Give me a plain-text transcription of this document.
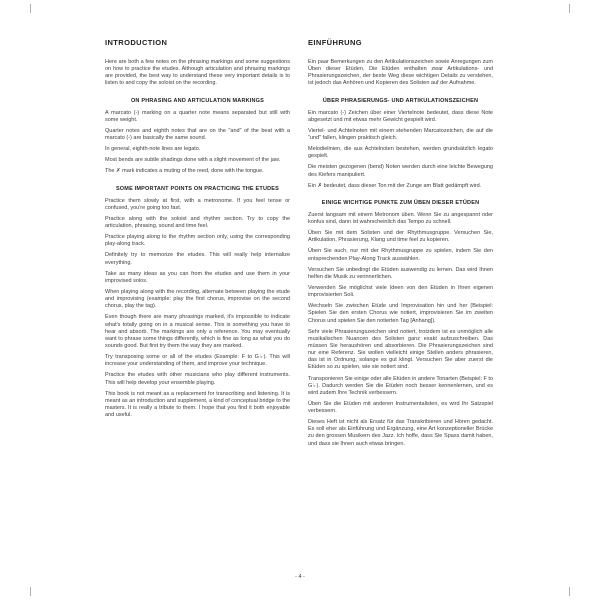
INTRODUCTION

Here are both a few notes on the phrasing markings and some suggestions on how to practice the etudes. Although articulation and phrasing markings are provided, the best way to understand these very important details is to listen to and copy the soloist on the recording.

ON PHRASING AND ARTICULATION MARKINGS

A marcato (-) marking on a quarter note means separated but still with some weight.

Quarter notes and eighth notes that are on the "and" of the beat with a marcato (-) are basically the same sound.

In general, eighth-note lines are legato.

Most bends are subtle shadings done with a slight movement of the jaw.

The ✗ mark indicates a muting of the reed, done with the tongue.

SOME IMPORTANT POINTS ON PRACTICING THE ETUDES

Practice them slowly at first, with a metronome. If you feel tense or confused, you're going too fast.

Practice along with the soloist and rhythm section. Try to copy the articulation, phrasing, sound and time feel.

Practice playing along to the rhythm section only, using the corresponding play-along track.

Definitely try to memorize the etudes. This will really help internalize everything.

Take as many ideas as you can from the etudes and use them in your improvised solos.

When playing along with the recording, alternate between playing the etude and improvising (example: play the first chorus, improvise on the second chorus, play the tag).

Even though there are many phrasings marked, it's impossible to indicate what's totally going on in a musical sense. This is something you have to hear and absorb. The markings are only a reference. You may eventually want to phrase some things differently, which is fine as long as what you do sounds good. But first try them the way they are marked.

Try transposing some or all of the etudes (Example: F to G♭). This will increase your understanding of them, and improve your technique.

Practice the etudes with other musicians who play different instruments. This will help develop your ensemble playing.

This book is not meant as a replacement for transcribing and listening. It is meant as an introduction and supplement, a kind of conceptual bridge to the masters. It is really a tribute to them. I hope that you find it both enjoyable and useful.

EINFÜHRUNG

Ein paar Bemerkungen zu den Artikulationszeichen sowie Anregungen zum Üben dieser Etüden. Die Etüden enthalten zwar Artikulations- und Phrasierungszeichen, der beste Weg diese wichtigen Details zu verstehen, ist jedoch das Anhören und Kopieren des Solisten auf der Aufnahme.

ÜBER PHRASIERUNGS- UND ARTIKULATIONSZEICHEN

Ein marcato (-) Zeichen über einer Viertelnote bedeutet, dass diese Note abgesetzt und mit etwas mehr Gewicht gespielt wird.

Viertel- und Achtelnoten mit einem stehenden Marcatozeichen, die auf die "und" fallen, klingen praktisch gleich.

Melodielinien, die aus Achtelnoten bestehen, werden grundsätzlich legato gespielt.

Die meisten gezogenen (bend) Noten werden durch eine leichte Bewegung des Kiefers manipuliert.

Ein ✗ bedeutet, dass dieser Ton mit der Zunge am Blatt gedämpft wird.

EINIGE WICHTIGE PUNKTE ZUM ÜBEN DIESER ETÜDEN

Zuerst langsam mit einem Metronom üben. Wenn Sie zu angespannt oder konfus sind, dann ist wahrscheinlich das Tempo zu schnell.

Üben Sie mit dem Solisten und der Rhythmusgruppe. Versuchen Sie, Artikulation, Phrasierung, Klang und time feel zu kopieren.

Üben Sie auch, nur mit der Rhythmusgruppe zu spielen, indem Sie den entsprechenden Play-Along Track auswählen.

Versuchen Sie unbedingt die Etüden auswendig zu lernen. Das wird Ihnen helfen die Musik zu verinnerlichen.

Verwenden Sie möglichst viele Ideen von den Etüden in Ihren eigenen improvisierten Soli.

Wechseln Sie zwischen Etüde und Improvisation hin und her (Beispiel: Spielen Sie den ersten Chorus wie notiert, improvisieren Sie im zweiten Chorus und spielen Sie den notierten Tag [Anhang]).

Sehr viele Phrasierungszeichen sind notiert, trotzdem ist es unmöglich alle musikalischen Nuancen des Solisten ganz exakt aufzuschreiben. Das müssen Sie heraushören und absorbieren. Die Phrasierungszeichen sind nur eine Referenz. Sie wollen vielleicht einige Stellen anders phrasieren, das ist in Ordnung, solange es gut klingt. Versuchen Sie aber zuerst die Etüden so zu spielen, wie sie notiert sind.

Transponieren Sie einige oder alle Etüden in andere Tonarten (Beispiel: F to G♭). Dadurch werden Sie die Etüden noch besser kennenlernen, und es wird zudem Ihre Technik verbessern.

Üben Sie die Etüden mit anderen Instrumentalisten, es wird Ihr Satzspiel verbessern.

Dieses Heft ist nicht als Ersatz für das Transkribieren und Hören gedacht. Es soll eher als Einführung und Ergänzung, eine Art konzeptioneller Brücke zu den grossen Musikern des Jazz. Ich hoffe, dass Sie Spass damit haben, und dass sie Ihnen auch etwas bringen.

- 4 -
